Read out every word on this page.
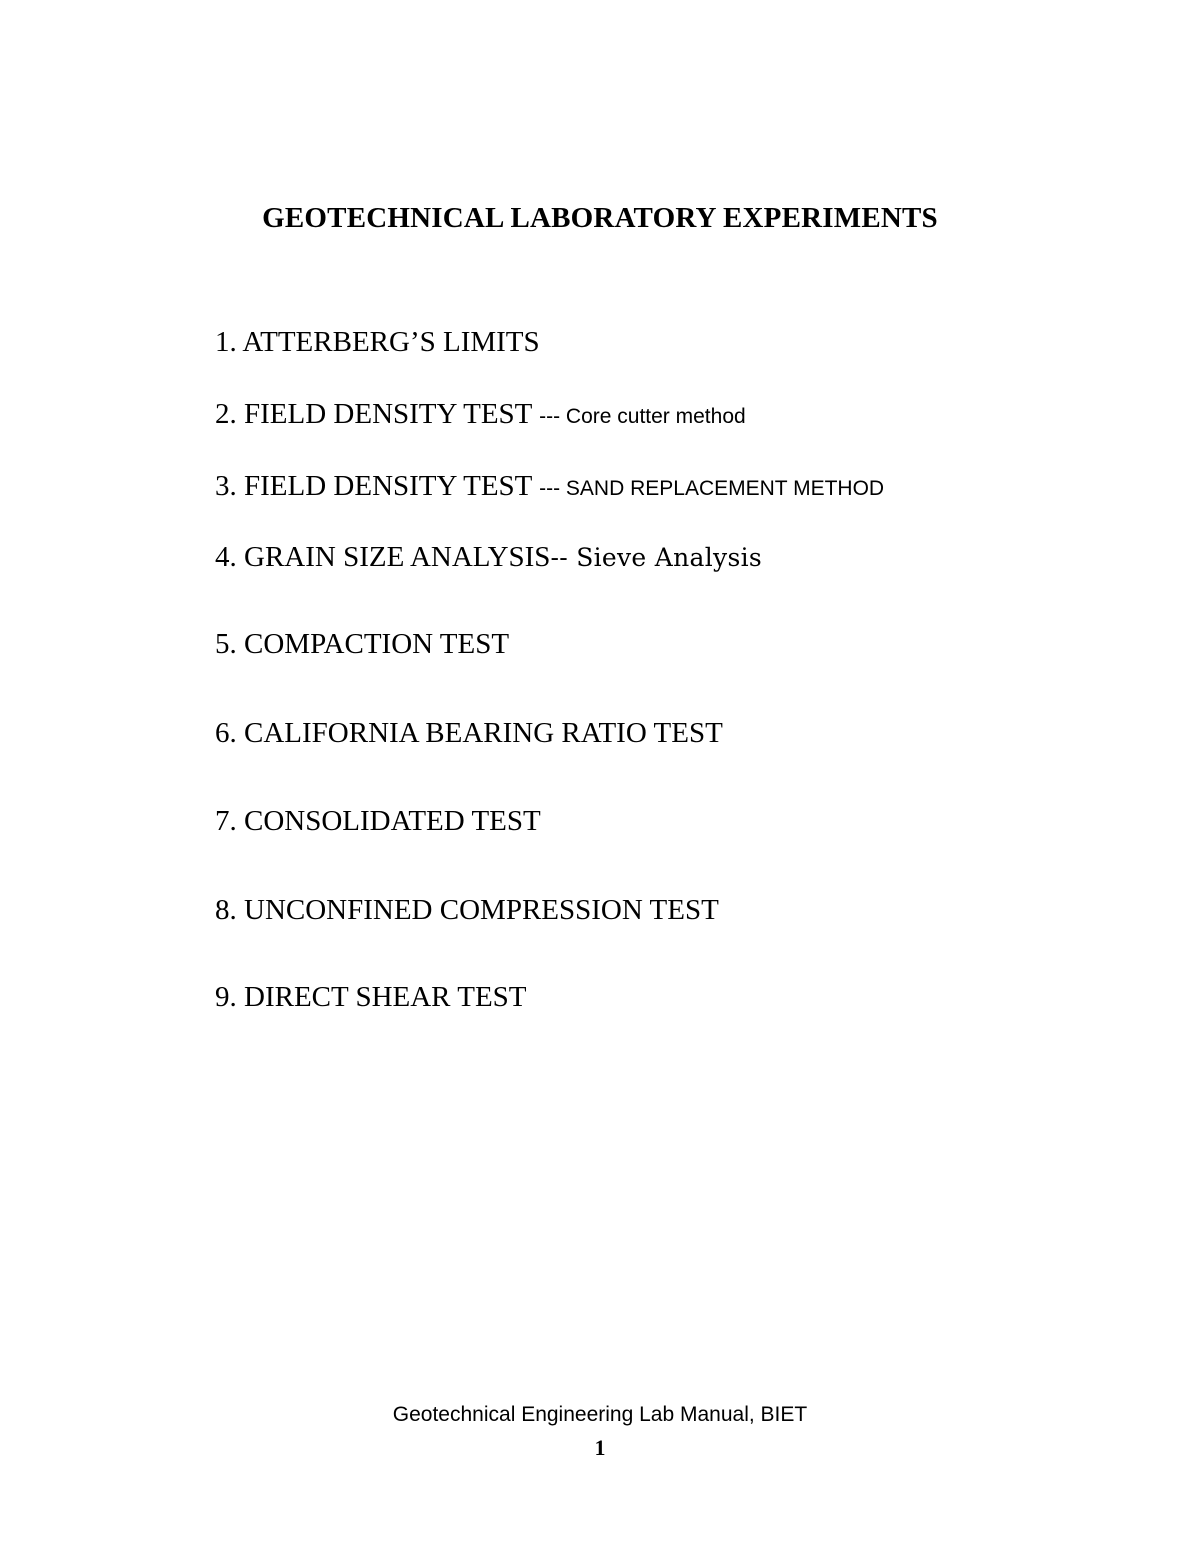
GEOTECHNICAL LABORATORY EXPERIMENTS
1. ATTERBERG’S LIMITS
2. FIELD DENSITY TEST --- Core cutter method
3. FIELD DENSITY TEST --- SAND REPLACEMENT METHOD
4. GRAIN SIZE ANALYSIS-- Sieve Analysis
5. COMPACTION TEST
6. CALIFORNIA BEARING RATIO TEST
7. CONSOLIDATED TEST
8. UNCONFINED COMPRESSION TEST
9. DIRECT SHEAR TEST
Geotechnical Engineering Lab Manual, BIET
1
